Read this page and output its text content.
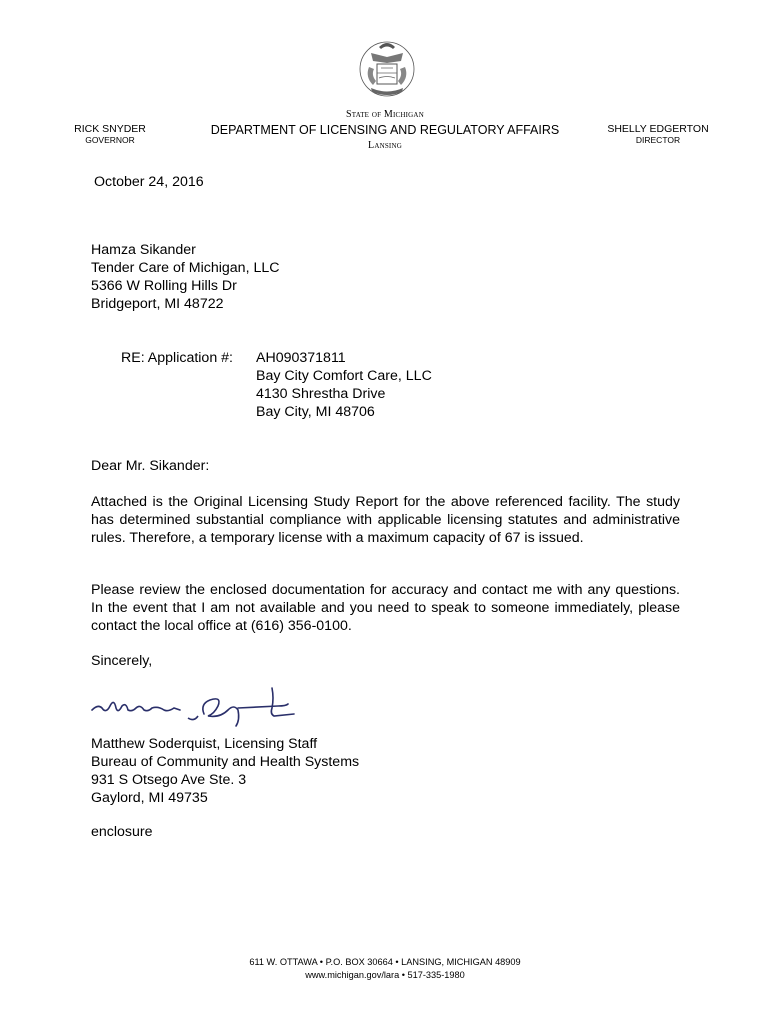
RICK SNYDER
GOVERNOR
State of Michigan
DEPARTMENT OF LICENSING AND REGULATORY AFFAIRS
Lansing
SHELLY EDGERTON
DIRECTOR
October 24, 2016
Hamza Sikander
Tender Care of Michigan, LLC
5366 W Rolling Hills Dr
Bridgeport, MI 48722
RE: Application #: AH090371811
Bay City Comfort Care, LLC
4130 Shrestha Drive
Bay City, MI 48706
Dear Mr. Sikander:
Attached is the Original Licensing Study Report for the above referenced facility. The study has determined substantial compliance with applicable licensing statutes and administrative rules. Therefore, a temporary license with a maximum capacity of 67 is issued.
Please review the enclosed documentation for accuracy and contact me with any questions. In the event that I am not available and you need to speak to someone immediately, please contact the local office at (616) 356-0100.
Sincerely,
Matthew Soderquist, Licensing Staff
Bureau of Community and Health Systems
931 S Otsego Ave Ste. 3
Gaylord, MI 49735
enclosure
611 W. OTTAWA • P.O. BOX 30664 • LANSING, MICHIGAN 48909
www.michigan.gov/lara • 517-335-1980
